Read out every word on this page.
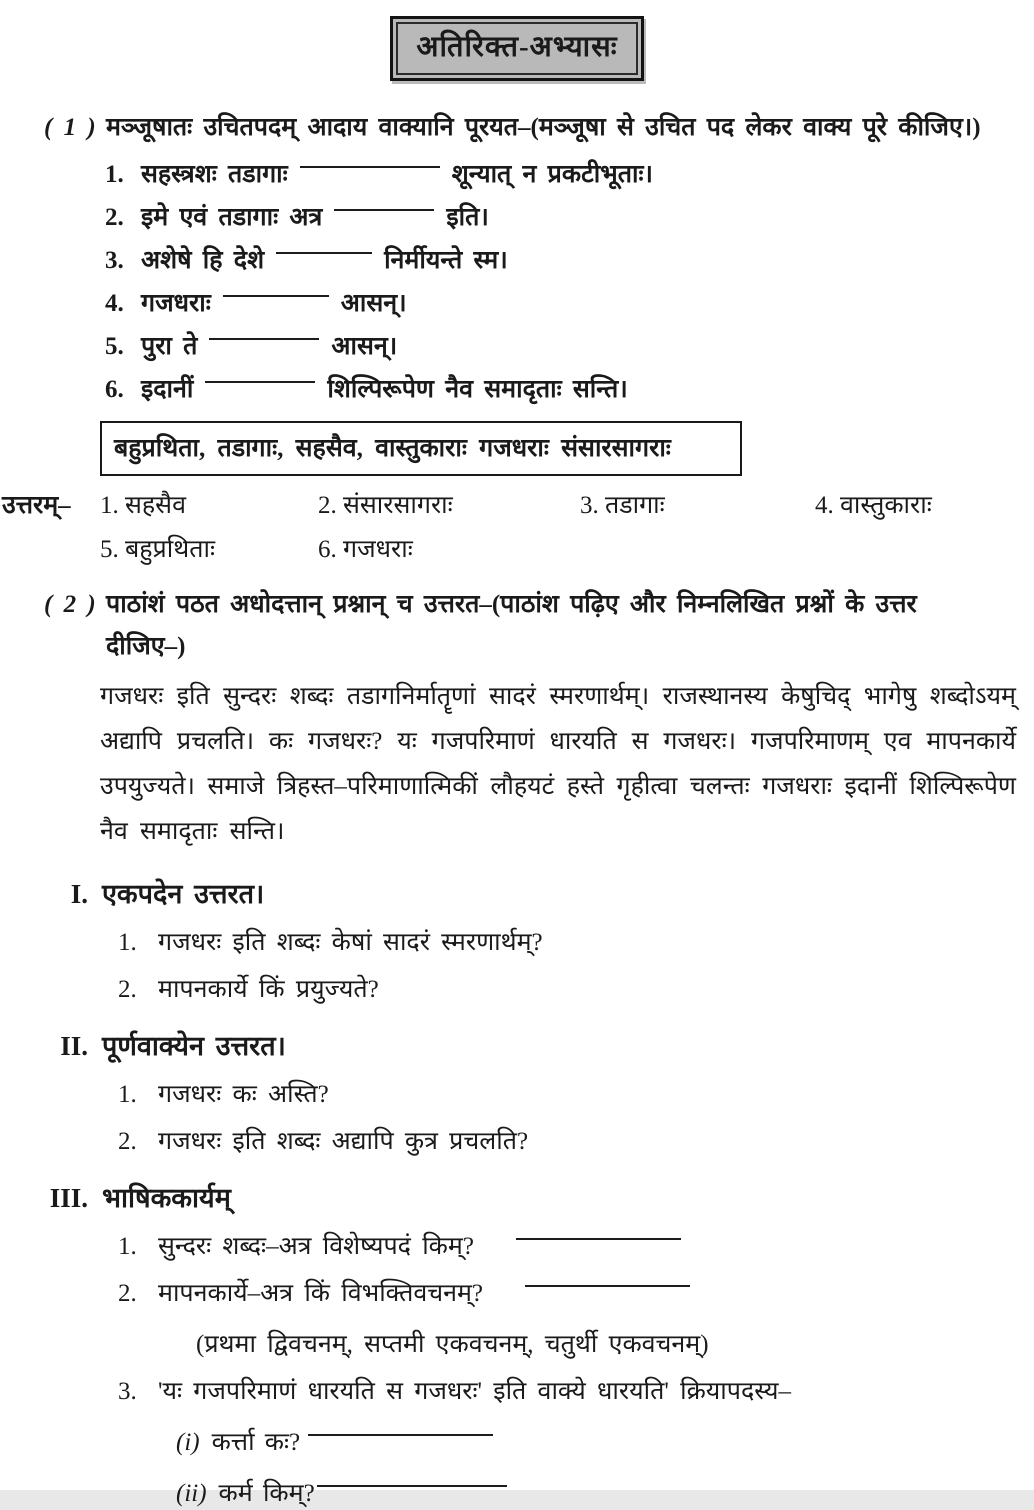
अतिरिक्त-अभ्यासः
( 1 ) मञ्जूषातः उचितपदम् आदाय वाक्यानि पूरयत–(मञ्जूषा से उचित पद लेकर वाक्य पूरे कीजिए।)
1. सहस्त्रशः तडागाः	शून्यात् न प्रकटीभूताः।
2. इमे एवं तडागाः अत्र	इति।
3. अशेषे हि देशे	निर्मीयन्ते स्म।
4. गजधराः	आसन्।
5. पुरा ते	आसन्।
6. इदानीं	शिल्पिरूपेण नैव समादृताः सन्ति।
बहुप्रथिता, तडागाः, सहसैव, वास्तुकाराः गजधराः संसारसागराः
उत्तरम्–	1. सहसैव	2. संसारसागराः	3. तडागाः	4. वास्तुकाराः
5. बहुप्रथिताः	6. गजधराः
( 2 ) पाठांशं पठत अधोदत्तान् प्रश्नान् च उत्तरत–(पाठांश पढ़िए और निम्नलिखित प्रश्नों के उत्तर दीजिए–)
गजधरः इति सुन्दरः शब्दः तडागनिर्मातॄणां सादरं स्मरणार्थम्। राजस्थानस्य केषुचिद् भागेषु शब्दोऽयम् अद्यापि प्रचलति। कः गजधरः? यः गजपरिमाणं धारयति स गजधरः। गजपरिमाणम् एव मापनकार्ये उपयुज्यते। समाजे त्रिहस्त–परिमाणात्मिकीं लौहयटं हस्ते गृहीत्वा चलन्तः गजधराः इदानीं शिल्पिरूपेण नैव समादृताः सन्ति।
I. एकपदेन उत्तरत।
1. गजधरः इति शब्दः केषां सादरं स्मरणार्थम्?
2. मापनकार्ये किं प्रयुज्यते?
II. पूर्णवाक्येन उत्तरत।
1. गजधरः कः अस्ति?
2. गजधरः इति शब्दः अद्यापि कुत्र प्रचलति?
III. भाषिककार्यम्
1. सुन्दरः शब्दः–अत्र विशेष्यपदं किम्?
2. मापनकार्ये–अत्र किं विभक्तिवचनम्?
(प्रथमा द्विवचनम्, सप्तमी एकवचनम्, चतुर्थी एकवचनम्)
3. 'यः गजपरिमाणं धारयति स गजधरः' इति वाक्ये धारयति' क्रियापदस्य–
(i) कर्त्ता कः?
(ii) कर्म किम्?
